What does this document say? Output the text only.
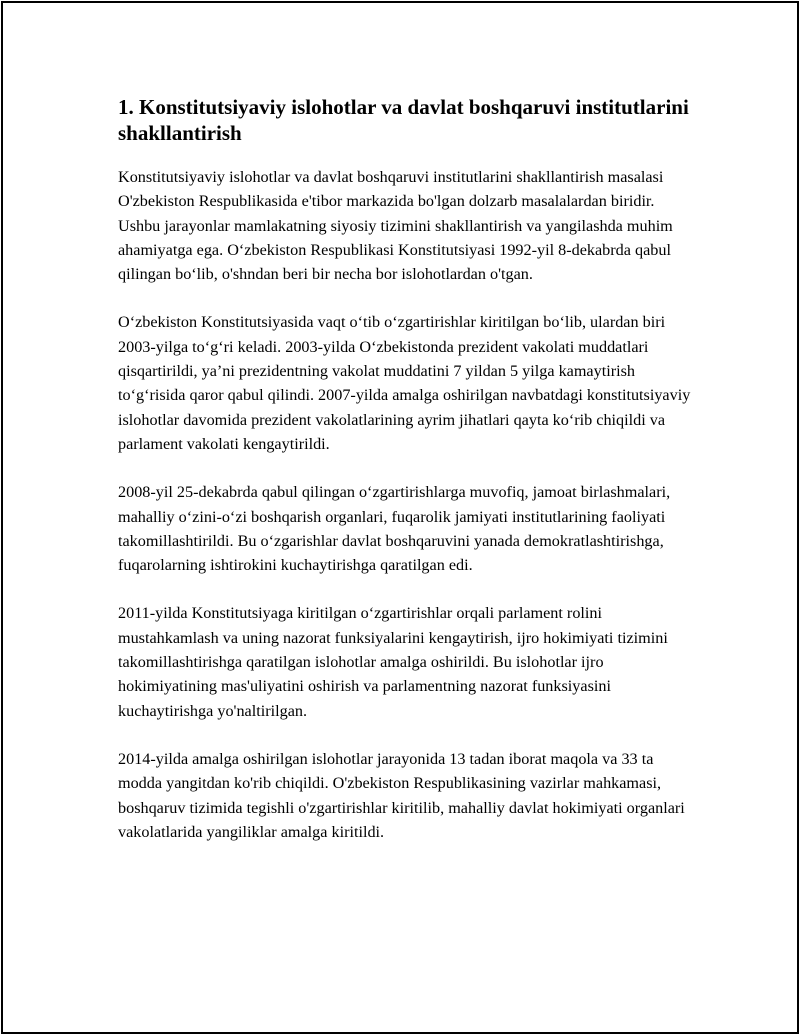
1. Konstitutsiyaviy islohotlar va davlat boshqaruvi institutlarini shakllantirish

Konstitutsiyaviy islohotlar va davlat boshqaruvi institutlarini shakllantirish masalasi O'zbekiston Respublikasida e'tibor markazida bo'lgan dolzarb masalalardan biridir. Ushbu jarayonlar mamlakatning siyosiy tizimini shakllantirish va yangilashda muhim ahamiyatga ega. O‘zbekiston Respublikasi Konstitutsiyasi 1992-yil 8-dekabrda qabul qilingan bo‘lib, o'shndan beri bir necha bor islohotlardan o'tgan.

O‘zbekiston Konstitutsiyasida vaqt o‘tib o‘zgartirishlar kiritilgan bo‘lib, ulardan biri 2003-yilga to‘g‘ri keladi. 2003-yilda O‘zbekistonda prezident vakolati muddatlari qisqartirildi, ya’ni prezidentning vakolat muddatini 7 yildan 5 yilga kamaytirish to‘g‘risida qaror qabul qilindi. 2007-yilda amalga oshirilgan navbatdagi konstitutsiyaviy islohotlar davomida prezident vakolatlarining ayrim jihatlari qayta ko‘rib chiqildi va parlament vakolati kengaytirildi.

2008-yil 25-dekabrda qabul qilingan o‘zgartirishlarga muvofiq, jamoat birlashmalari, mahalliy o‘zini-o‘zi boshqarish organlari, fuqarolik jamiyati institutlarining faoliyati takomillashtirildi. Bu o‘zgarishlar davlat boshqaruvini yanada demokratlashtirishga, fuqarolarning ishtirokini kuchaytirishga qaratilgan edi.

2011-yilda Konstitutsiyaga kiritilgan o‘zgartirishlar orqali parlament rolini mustahkamlash va uning nazorat funksiyalarini kengaytirish, ijro hokimiyati tizimini takomillashtirishga qaratilgan islohotlar amalga oshirildi. Bu islohotlar ijro hokimiyatining mas'uliyatini oshirish va parlamentning nazorat funksiyasini kuchaytirishga yo'naltirilgan.

2014-yilda amalga oshirilgan islohotlar jarayonida 13 tadan iborat maqola va 33 ta modda yangitdan ko'rib chiqildi. O'zbekiston Respublikasining vazirlar mahkamasi, boshqaruv tizimida tegishli o'zgartirishlar kiritilib, mahalliy davlat hokimiyati organlari vakolatlarida yangiliklar amalga kiritildi.
